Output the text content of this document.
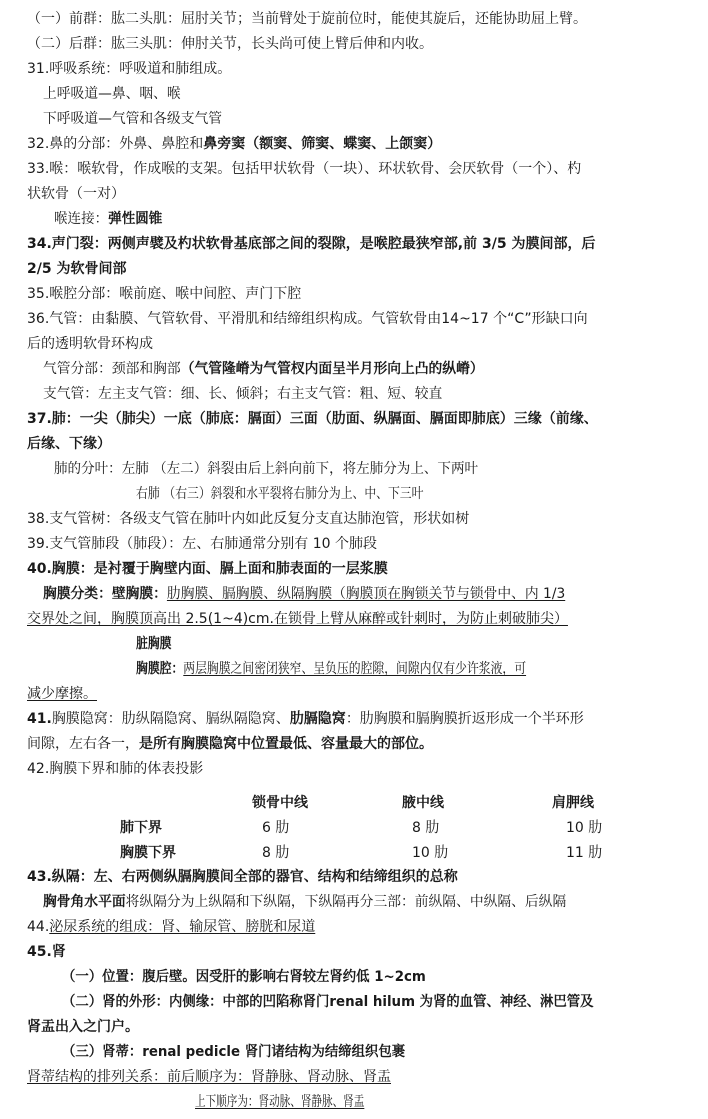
（一）前群：肱二头肌：屈肘关节；当前臂处于旋前位时，能使其旋后，还能协助屈上臂。
（二）后群：肱三头肌：伸肘关节，长头尚可使上臂后伸和内收。
31.呼吸系统：呼吸道和肺组成。
上呼吸道—鼻、咽、喉
下呼吸道—气管和各级支气管
32.鼻的分部：外鼻、鼻腔和鼻旁窦（额窦、筛窦、蝶窦、上颌窦）
33.喉：喉软骨，作成喉的支架。包括甲状软骨（一块）、环状软骨、会厌软骨（一个）、杓
状软骨（一对）
喉连接：弹性圆锥
34.声门裂：两侧声襞及杓状软骨基底部之间的裂隙，是喉腔最狭窄部,前 3/5 为膜间部，后
2/5 为软骨间部
35.喉腔分部：喉前庭、喉中间腔、声门下腔
36.气管：由黏膜、气管软骨、平滑肌和结缔组织构成。气管软骨由14~17 个“C”形缺口向
后的透明软骨环构成
气管分部：颈部和胸部（气管隆嵴为气管杈内面呈半月形向上凸的纵嵴）
支气管：左主支气管：细、长、倾斜；右主支气管：粗、短、较直
37.肺：一尖（肺尖）一底（肺底：膈面）三面（肋面、纵膈面、膈面即肺底）三缘（前缘、
后缘、下缘）
肺的分叶：左肺 （左二）斜裂由后上斜向前下，将左肺分为上、下两叶
右肺 （右三）斜裂和水平裂将右肺分为上、中、下三叶
38.支气管树：各级支气管在肺叶内如此反复分支直达肺泡管，形状如树
39.支气管肺段（肺段）：左、右肺通常分别有 10 个肺段
40.胸膜：是衬覆于胸壁内面、膈上面和肺表面的一层浆膜
胸膜分类：壁胸膜：肋胸膜、膈胸膜、纵隔胸膜（胸膜顶在胸锁关节与锁骨中、内 1/3
交界处之间，胸膜顶高出 2.5(1~4)cm.在锁骨上臂从麻醉或针刺时，为防止刺破肺尖）
脏胸膜
胸膜腔：两层胸膜之间密闭狭窄、呈负压的腔隙，间隙内仅有少许浆液，可
减少摩擦。
41.胸膜隐窝：肋纵隔隐窝、膈纵隔隐窝、肋膈隐窝：肋胸膜和膈胸膜折返形成一个半环形
间隙，左右各一，是所有胸膜隐窝中位置最低、容量最大的部位。
42.胸膜下界和肺的体表投影
	锁骨中线	腋中线	肩胛线
肺下界	6 肋	8 肋	10 肋
胸膜下界	8 肋	10 肋	11 肋
43.纵隔：左、右两侧纵膈胸膜间全部的器官、结构和结缔组织的总称
胸骨角水平面将纵隔分为上纵隔和下纵隔，下纵隔再分三部：前纵隔、中纵隔、后纵隔
44.泌尿系统的组成：肾、输尿管、膀胱和尿道
45.肾
（一）位置：腹后壁。因受肝的影响右肾较左肾约低 1~2cm
（二）肾的外形：内侧缘：中部的凹陷称肾门renal hilum 为肾的血管、神经、淋巴管及
肾盂出入之门户。
（三）肾蒂：renal pedicle 肾门诸结构为结缔组织包裹
肾蒂结构的排列关系：前后顺序为：肾静脉、肾动脉、肾盂
上下顺序为：肾动脉、肾静脉、肾盂
